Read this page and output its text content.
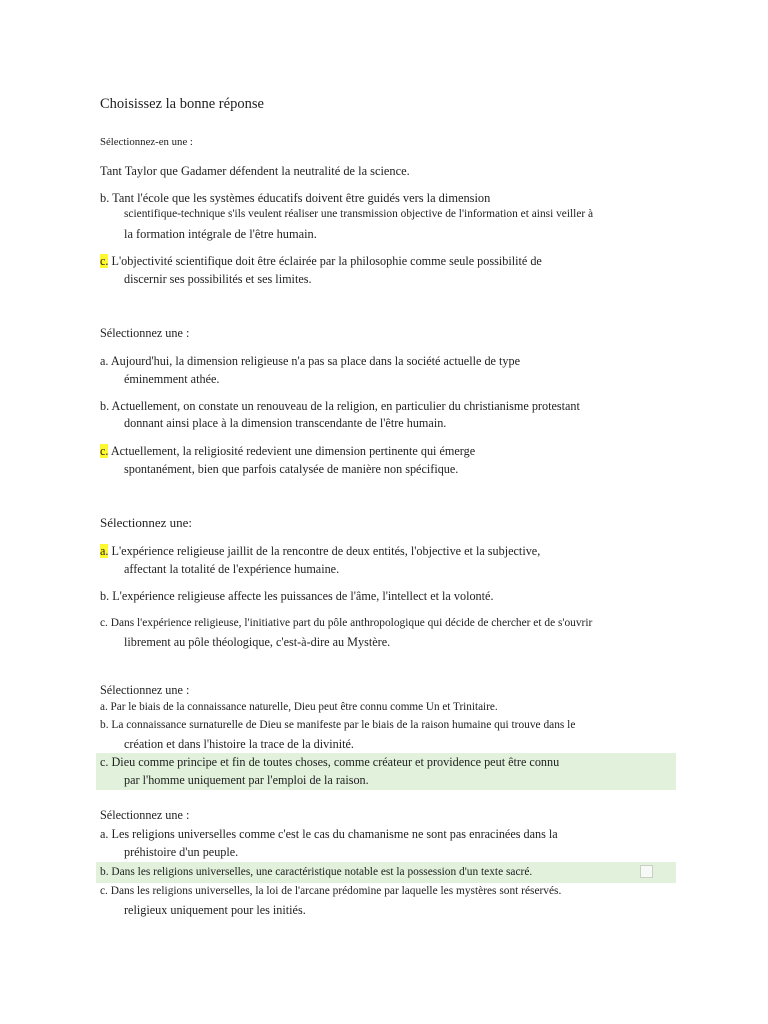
Choisissez la bonne réponse
Sélectionnez-en une :
Tant Taylor que Gadamer défendent la neutralité de la science.
b. Tant l'école que les systèmes éducatifs doivent être guidés vers la dimension
scientifique-technique s'ils veulent réaliser une transmission objective de l'information et ainsi veiller à
la formation intégrale de l'être humain.
c. L'objectivité scientifique doit être éclairée par la philosophie comme seule possibilité de
discernir ses possibilités et ses limites.
Sélectionnez une :
a. Aujourd'hui, la dimension religieuse n'a pas sa place dans la société actuelle de type
éminemment athée.
b. Actuellement, on constate un renouveau de la religion, en particulier du christianisme protestant
donnant ainsi place à la dimension transcendante de l'être humain.
c. Actuellement, la religiosité redevient une dimension pertinente qui émerge
spontanément, bien que parfois catalysée de manière non spécifique.
Sélectionnez une:
a. L'expérience religieuse jaillit de la rencontre de deux entités, l'objective et la subjective,
affectant la totalité de l'expérience humaine.
b. L'expérience religieuse affecte les puissances de l'âme, l'intellect et la volonté.
c. Dans l'expérience religieuse, l'initiative part du pôle anthropologique qui décide de chercher et de s'ouvrir
librement au pôle théologique, c'est-à-dire au Mystère.
Sélectionnez une :
a. Par le biais de la connaissance naturelle, Dieu peut être connu comme Un et Trinitaire.
b. La connaissance surnaturelle de Dieu se manifeste par le biais de la raison humaine qui trouve dans le
création et dans l'histoire la trace de la divinité.
c. Dieu comme principe et fin de toutes choses, comme créateur et providence peut être connu
par l'homme uniquement par l'emploi de la raison.
Sélectionnez une :
a. Les religions universelles comme c'est le cas du chamanisme ne sont pas enracinées dans la
préhistoire d'un peuple.
b. Dans les religions universelles, une caractéristique notable est la possession d'un texte sacré.
c. Dans les religions universelles, la loi de l'arcane prédomine par laquelle les mystères sont réservés.
religieux uniquement pour les initiés.
